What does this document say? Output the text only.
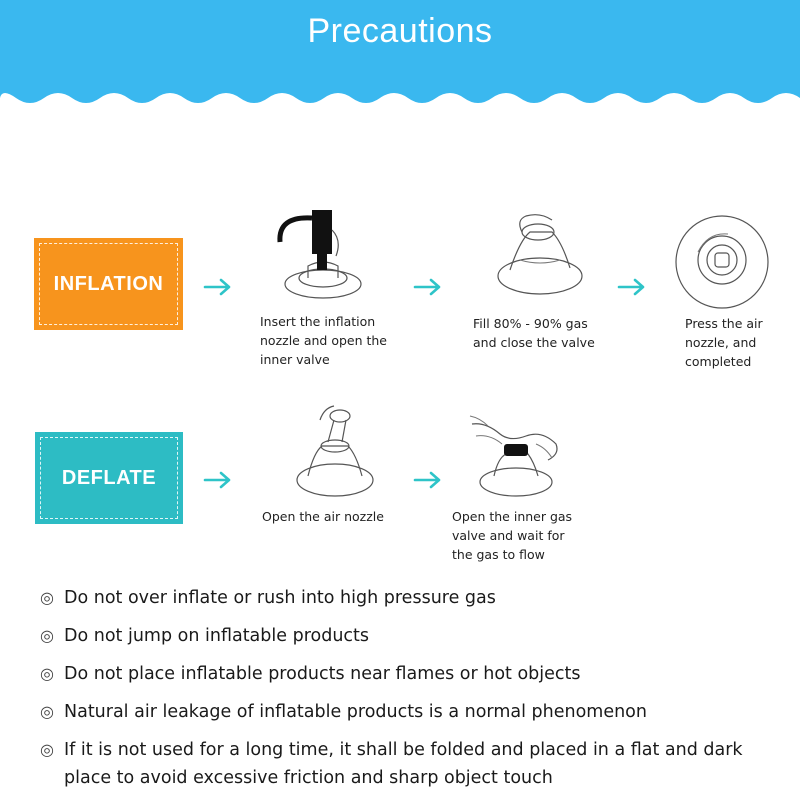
Precautions
INFLATION
Insert the inflation
nozzle and open the
inner valve
Fill 80% - 90% gas
and close the valve
Press the air
nozzle, and
completed
DEFLATE
Open the air nozzle	Open the inner gas
valve and wait for
the gas to flow
◎ Do not over inflate or rush into high pressure gas
◎ Do not jump on inflatable products
◎ Do not place inflatable products near flames or hot objects
◎ Natural air leakage of inflatable products is a normal phenomenon
◎ If it is not used for a long time, it shall be folded and placed in a flat and dark place to avoid excessive friction and sharp object touch
